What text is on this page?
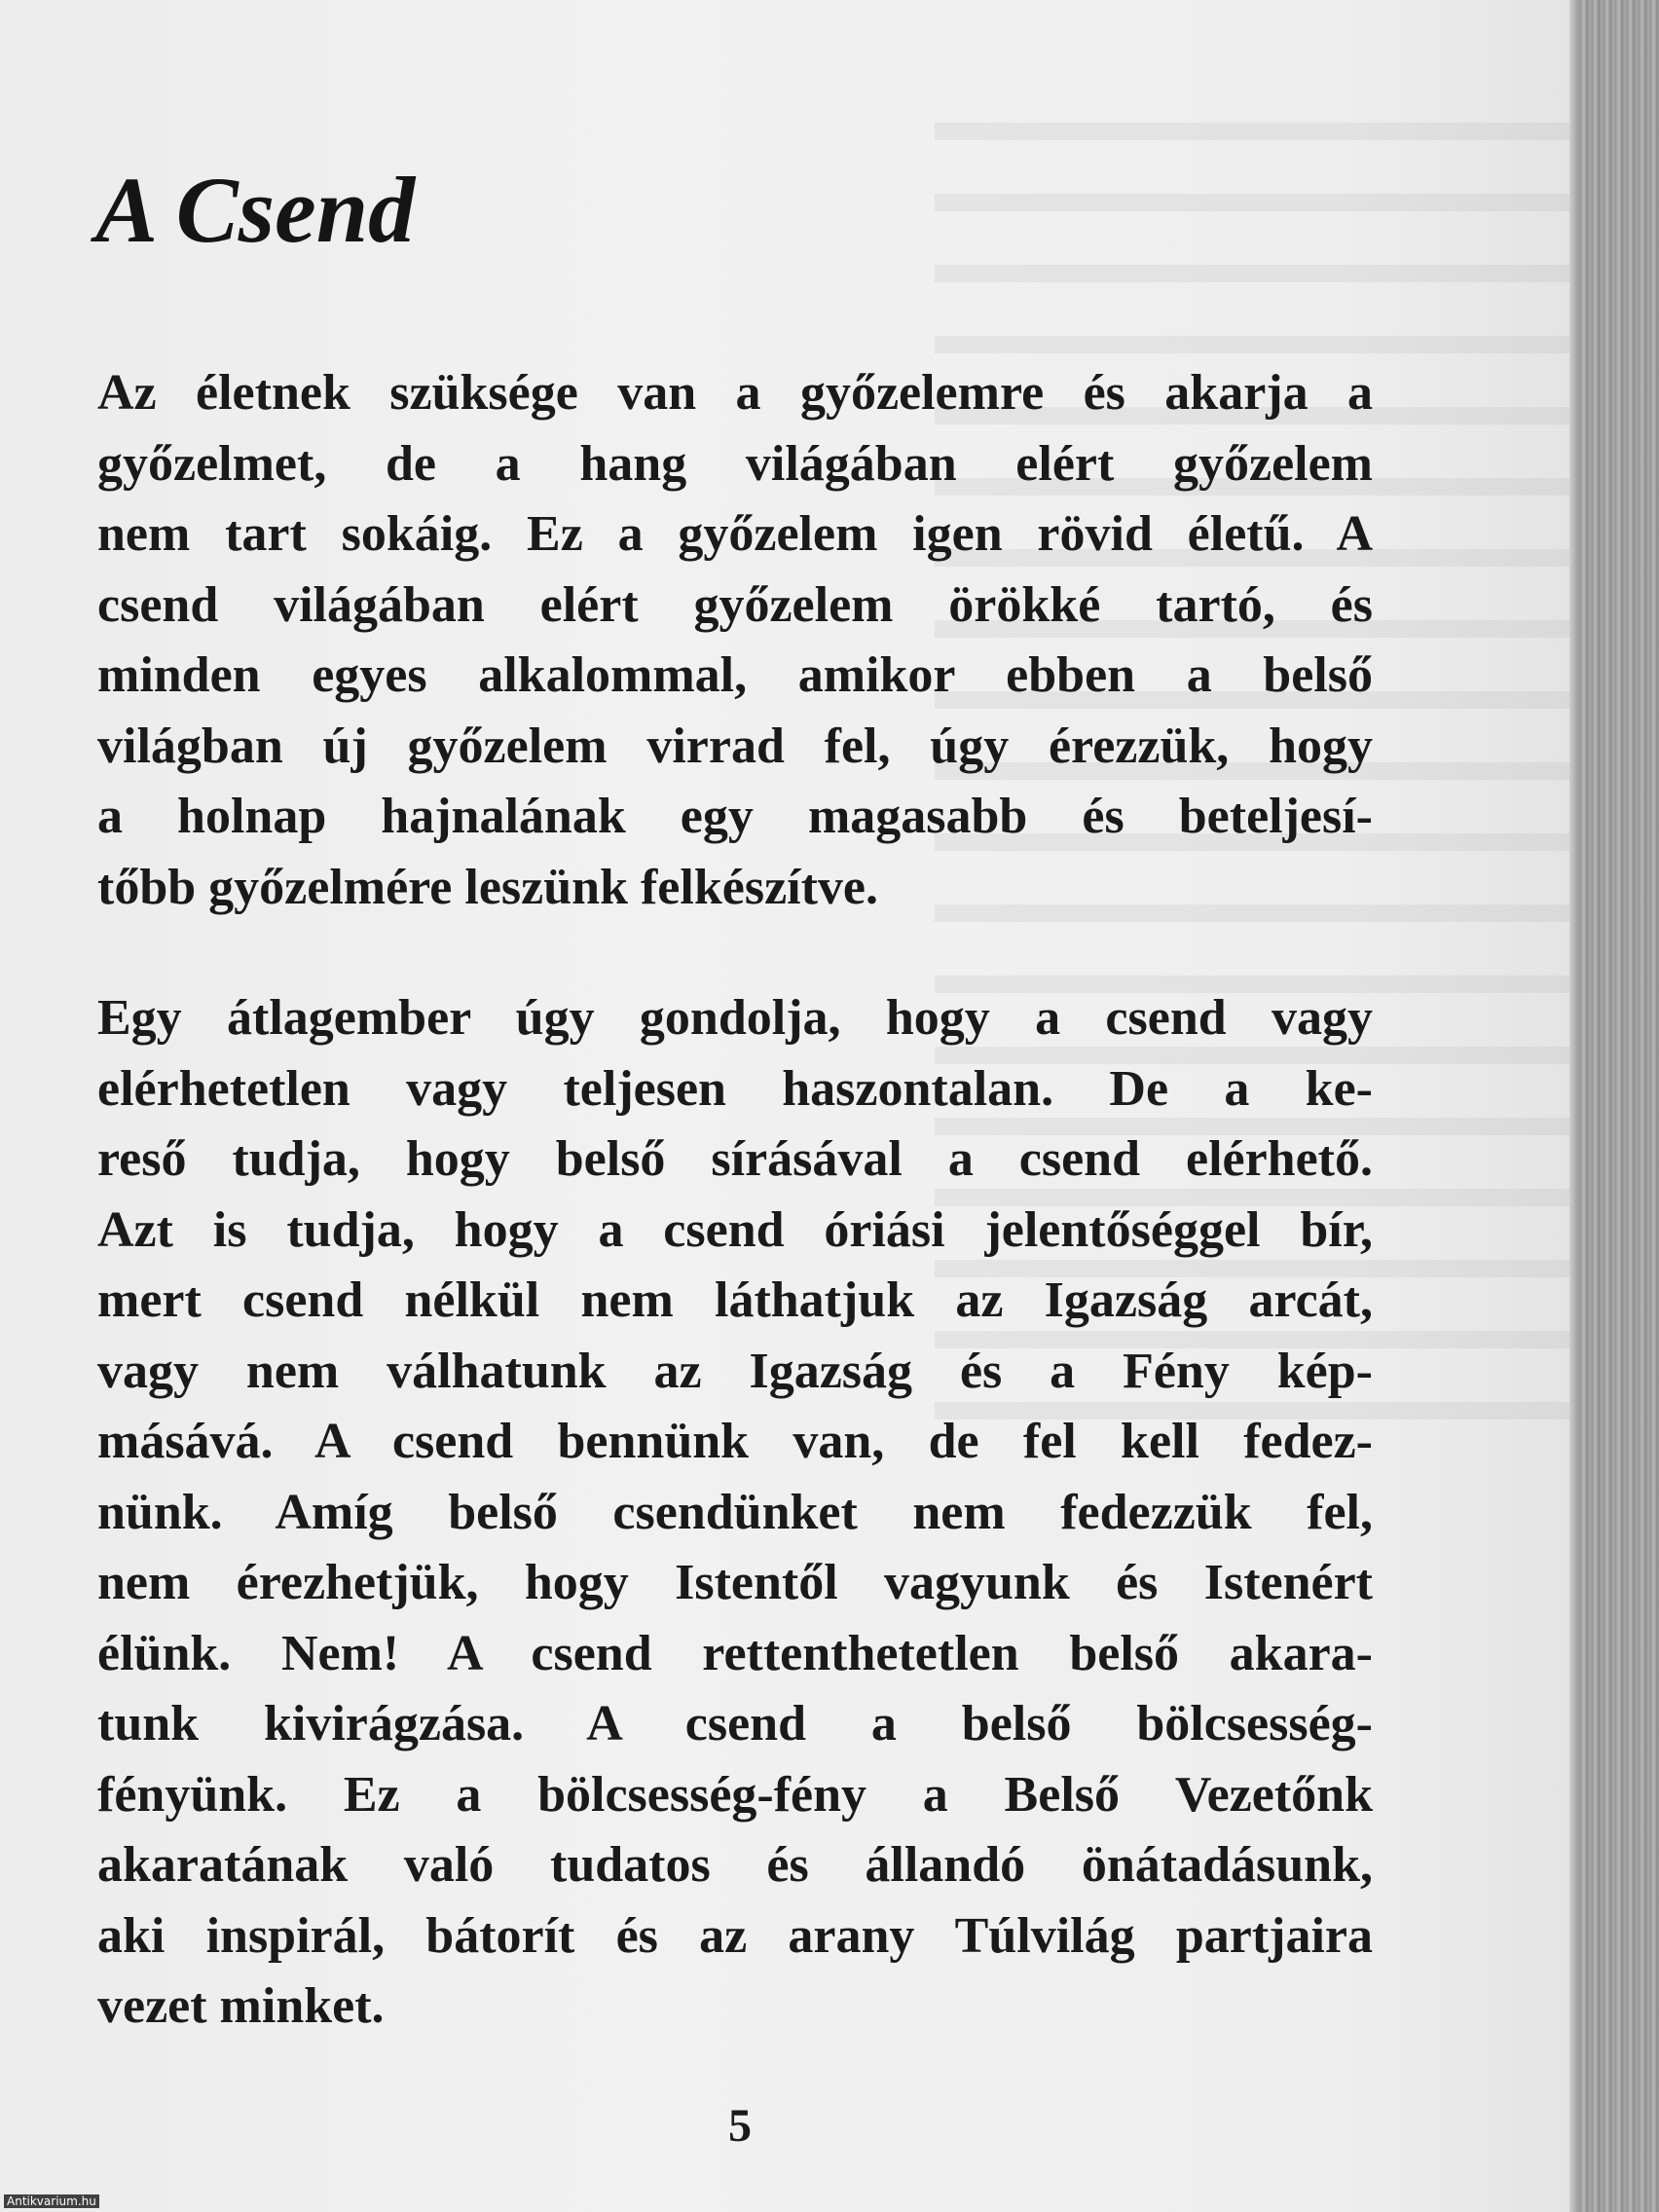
A Csend
Az életnek szüksége van a győzelemre és akarja a
győzelmet, de a hang világában elért győzelem
nem tart sokáig. Ez a győzelem igen rövid életű. A
csend világában elért győzelem örökké tartó, és
minden egyes alkalommal, amikor ebben a belső
világban új győzelem virrad fel, úgy érezzük, hogy
a holnap hajnalának egy magasabb és beteljesí-
tőbb győzelmére leszünk felkészítve.
Egy átlagember úgy gondolja, hogy a csend vagy
elérhetetlen vagy teljesen haszontalan. De a ke-
reső tudja, hogy belső sírásával a csend elérhető.
Azt is tudja, hogy a csend óriási jelentőséggel bír,
mert csend nélkül nem láthatjuk az Igazság arcát,
vagy nem válhatunk az Igazság és a Fény kép-
másává. A csend bennünk van, de fel kell fedez-
nünk. Amíg belső csendünket nem fedezzük fel,
nem érezhetjük, hogy Istentől vagyunk és Istenért
élünk. Nem! A csend rettenthetetlen belső akara-
tunk kivirágzása. A csend a belső bölcsesség-
fényünk. Ez a bölcsesség-fény a Belső Vezetőnk
akaratának való tudatos és állandó önátadásunk,
aki inspirál, bátorít és az arany Túlvilág partjaira
vezet minket.

5

Antikvarium.hu
